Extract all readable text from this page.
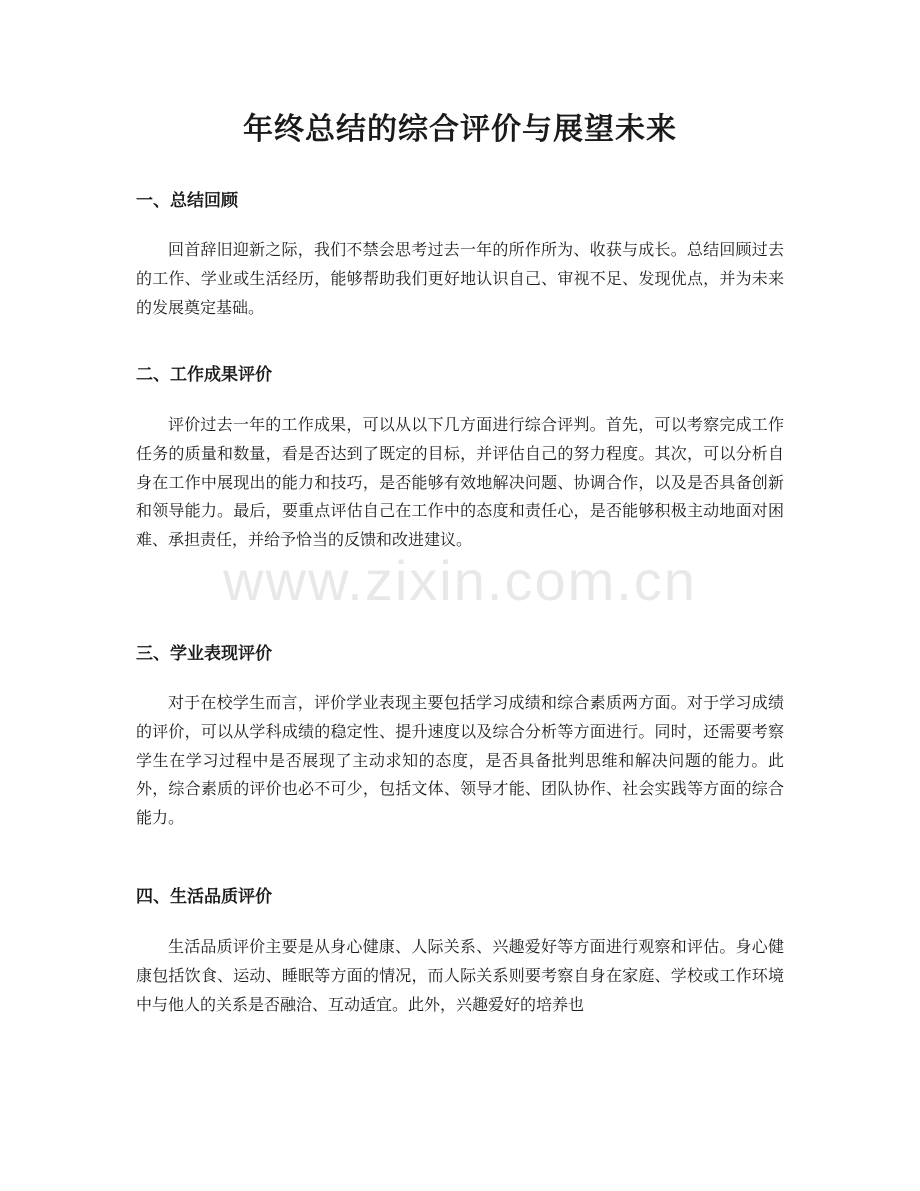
年终总结的综合评价与展望未来
一、总结回顾

回首辞旧迎新之际，我们不禁会思考过去一年的所作所为、收获与成长。总结回顾过去的工作、学业或生活经历，能够帮助我们更好地认识自己、审视不足、发现优点，并为未来的发展奠定基础。

二、工作成果评价

评价过去一年的工作成果，可以从以下几方面进行综合评判。首先，可以考察完成工作任务的质量和数量，看是否达到了既定的目标，并评估自己的努力程度。其次，可以分析自身在工作中展现出的能力和技巧，是否能够有效地解决问题、协调合作，以及是否具备创新和领导能力。最后，要重点评估自己在工作中的态度和责任心，是否能够积极主动地面对困难、承担责任，并给予恰当的反馈和改进建议。

三、学业表现评价

对于在校学生而言，评价学业表现主要包括学习成绩和综合素质两方面。对于学习成绩的评价，可以从学科成绩的稳定性、提升速度以及综合分析等方面进行。同时，还需要考察学生在学习过程中是否展现了主动求知的态度，是否具备批判思维和解决问题的能力。此外，综合素质的评价也必不可少，包括文体、领导才能、团队协作、社会实践等方面的综合能力。

四、生活品质评价

生活品质评价主要是从身心健康、人际关系、兴趣爱好等方面进行观察和评估。身心健康包括饮食、运动、睡眠等方面的情况，而人际关系则要考察自身在家庭、学校或工作环境中与他人的关系是否融洽、互动适宜。此外，兴趣爱好的培养也

www.zixin.com.cn
